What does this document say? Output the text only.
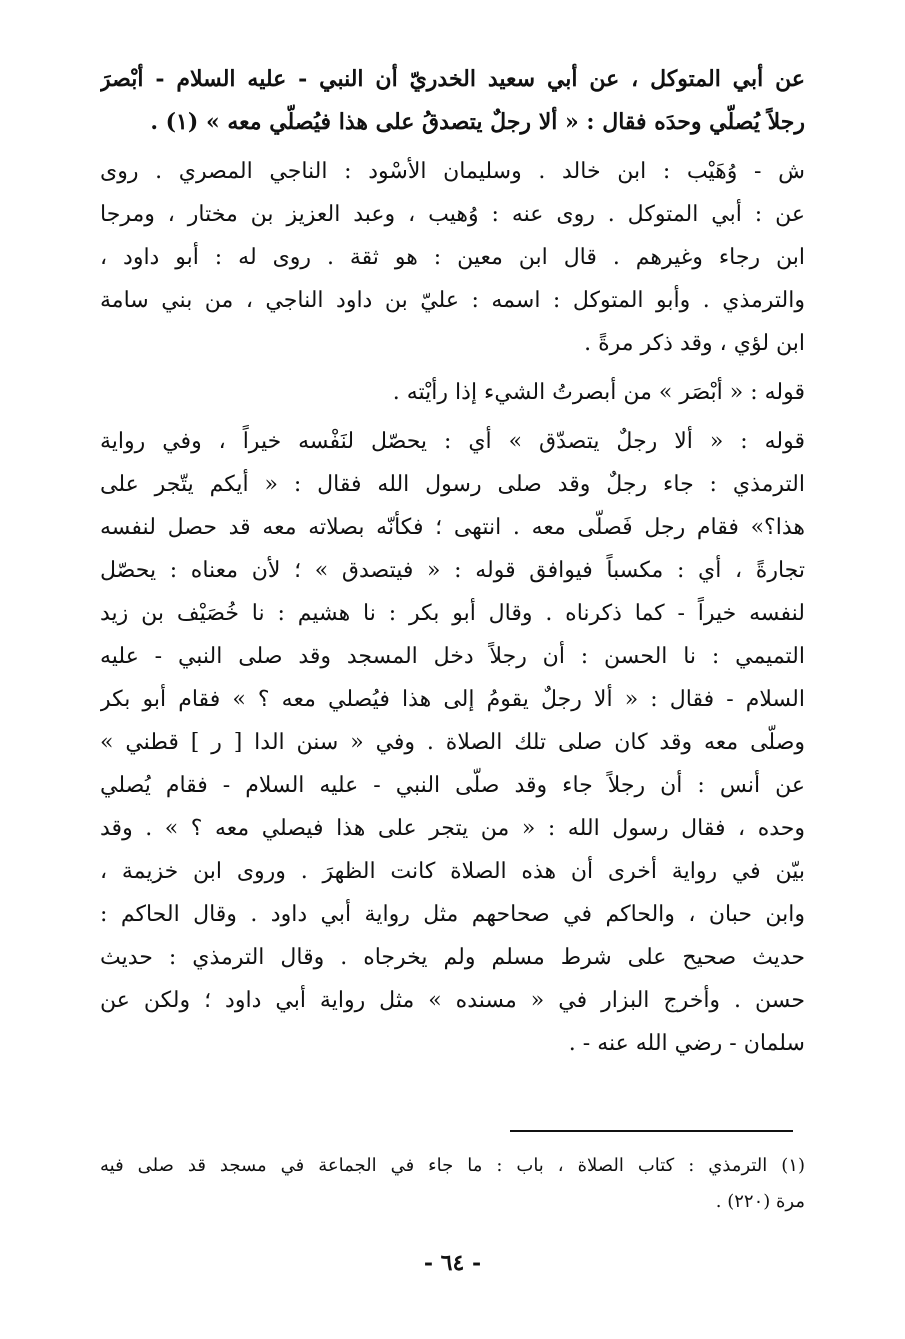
عن أبي المتوكل ، عن أبي سعيد الخدريّ أن النبي - عليه السلام - أبْصرَ
رجلاً يُصلّي وحدَه فقال : « ألا رجلٌ يتصدقُ على هذا فيُصلّي معه » (١) .
ش - وُهَيْب : ابن خالد . وسليمان الأسْود : الناجي المصري . روى
عن : أبي المتوكل . روى عنه : وُهيب ، وعبد العزيز بن مختار ، ومرجا
ابن رجاء وغيرهم . قال ابن معين : هو ثقة . روى له : أبو داود ،
والترمذي . وأبو المتوكل : اسمه : عليّ بن داود الناجي ، من بني سامة
ابن لؤي ، وقد ذكر مرةً .
قوله : « أبْصَر » من أبصرتُ الشيء إذا رأيْته .
قوله : « ألا رجلٌ يتصدّق » أي : يحصّل لنَفْسه خيراً ، وفي رواية
الترمذي : جاء رجلٌ وقد صلى رسول الله فقال : « أيكم يتّجر على
هذا؟» فقام رجل فَصلّى معه . انتهى ؛ فكأنّه بصلاته معه قد حصل لنفسه
تجارةً ، أي : مكسباً فيوافق قوله : « فيتصدق » ؛ لأن معناه : يحصّل
لنفسه خيراً - كما ذكرناه . وقال أبو بكر : نا هشيم : نا خُصَيْف بن زيد
التميمي : نا الحسن : أن رجلاً دخل المسجد وقد صلى النبي - عليه
السلام - فقال : « ألا رجلٌ يقومُ إلى هذا فيُصلي معه ؟ » فقام أبو بكر
وصلّى معه وقد كان صلى تلك الصلاة . وفي « سنن الدا [ ر ] قطني »
عن أنس : أن رجلاً جاء وقد صلّى النبي - عليه السلام - فقام يُصلي
وحده ، فقال رسول الله : « من يتجر على هذا فيصلي معه ؟ » . وقد
بيّن في رواية أخرى أن هذه الصلاة كانت الظهرَ . وروى ابن خزيمة ،
وابن حبان ، والحاكم في صحاحهم مثل رواية أبي داود . وقال الحاكم :
حديث صحيح على شرط مسلم ولم يخرجاه . وقال الترمذي : حديث
حسن . وأخرج البزار في « مسنده » مثل رواية أبي داود ؛ ولكن عن
سلمان - رضي الله عنه - .
(١) الترمذي : كتاب الصلاة ، باب : ما جاء في الجماعة في مسجد قد صلى فيه
مرة (٢٢٠) .
- ٦٤ -
